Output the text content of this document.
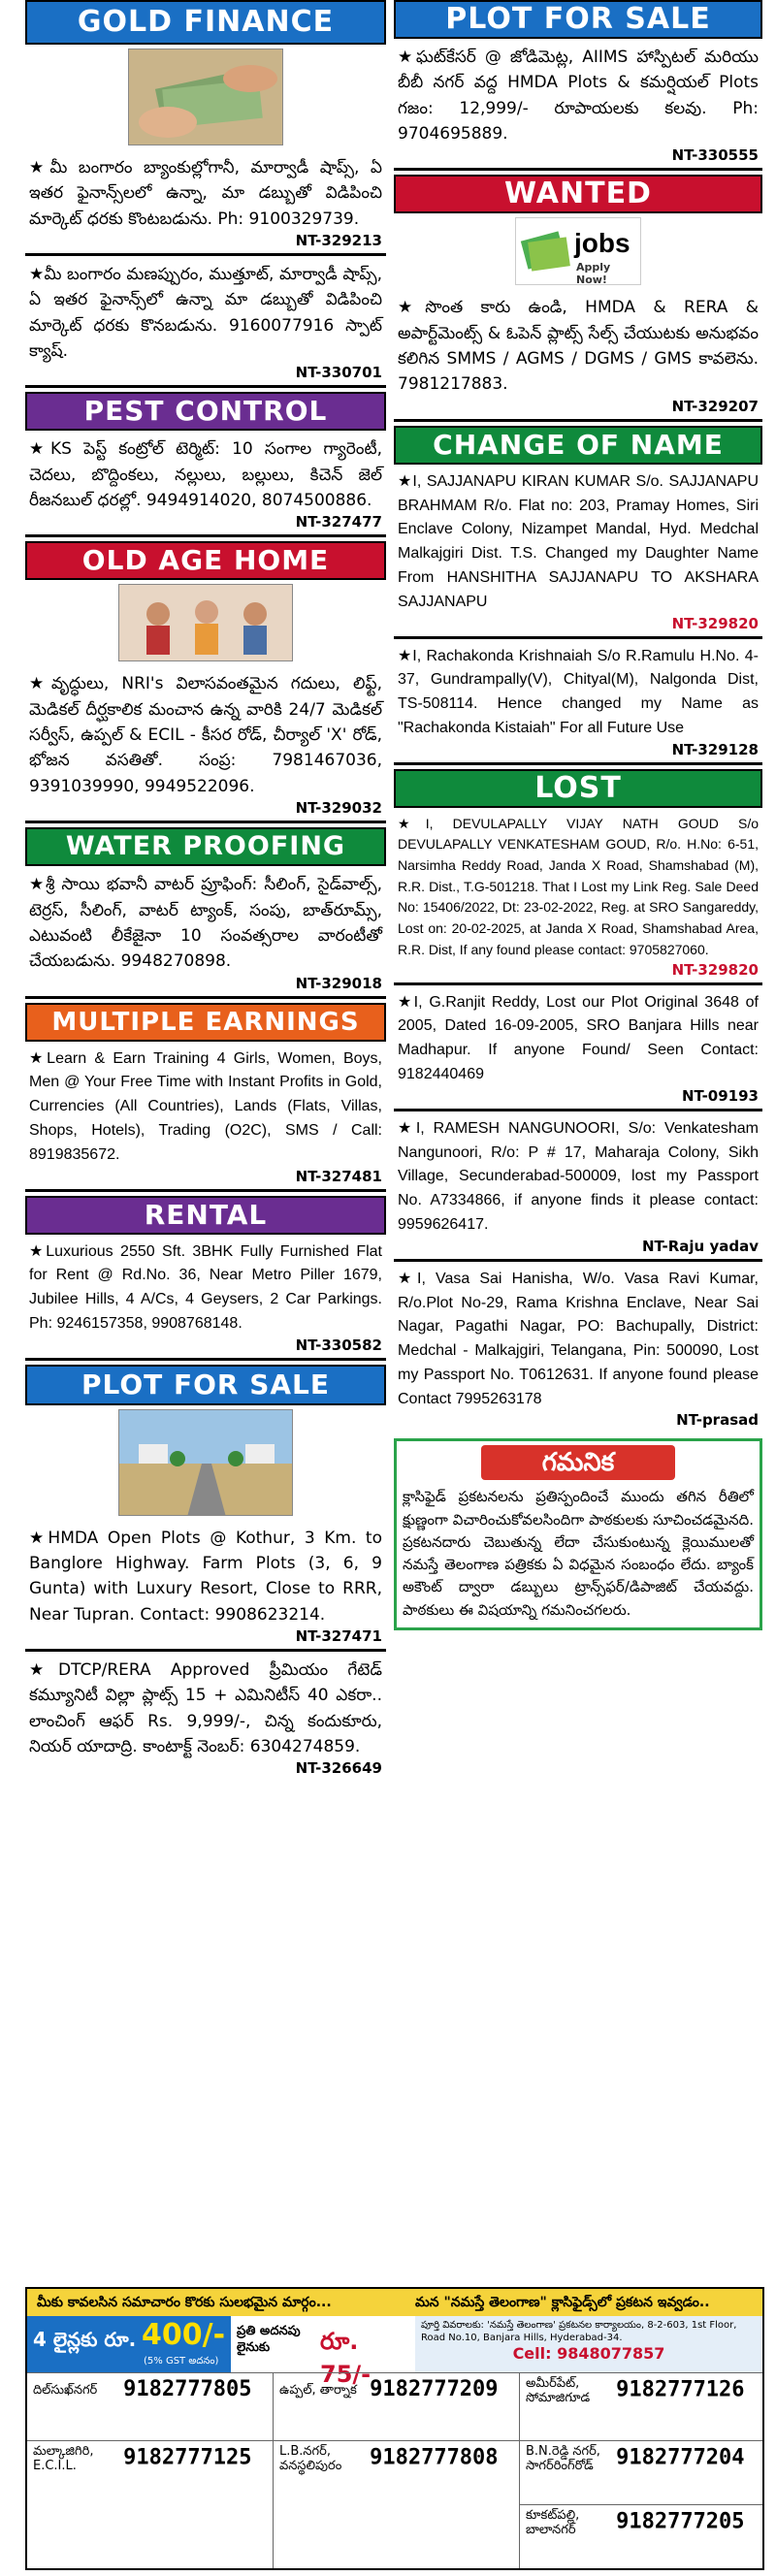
GOLD FINANCE
★మీ బంగారం బ్యాంకుల్లోగానీ, మార్వాడీ షాప్స్, ఏ ఇతర ఫైనాన్స్‌లలో ఉన్నా, మా డబ్బుతో విడిపించి మార్కెట్ ధరకు కొంటబడును. Ph: 9100329739.
NT-329213
★మీ బంగారం మణప్పురం, ముత్తూట్, మార్వాడీ షాప్స్, ఏ ఇతర ఫైనాన్స్‌లో ఉన్నా మా డబ్బుతో విడిపించి మార్కెట్ ధరకు కొనబడును. 9160077916 స్పాట్ క్యాష్.
NT-330701
PEST CONTROL
★KS పెస్ట్ కంట్రోల్ టెర్మిట్: 10 సంగాల గ్యారెంటీ, చెదలు, బొద్దింకలు, నల్లులు, బల్లులు, కిచెన్ జెల్ రీజనబుల్ ధరల్లో. 9494914020, 8074500886.
NT-327477
OLD AGE HOME
★వృద్ధులు, NRI's విలాసవంతమైన గదులు, లిఫ్ట్, మెడికల్ దీర్ఘకాలిక మంచాన ఉన్న వారికి 24/7 మెడికల్ సర్వీస్, ఉప్పల్ & ECIL - కీసర రోడ్, చీర్యాల్ 'X' రోడ్, భోజన వసతితో. సంప్ర: 7981467036, 9391039990, 9949522096.
NT-329032
WATER PROOFING
★శ్రీ సాయి భవానీ వాటర్ ప్రూఫింగ్: సీలింగ్, సైడ్‌వాల్స్, టెర్రస్, సీలింగ్, వాటర్ ట్యాంక్, సంపు, బాత్‌రూమ్స్, ఎటువంటి లీకేజైనా 10 సంవత్సరాల వారంటీతో చేయబడును. 9948270898.
NT-329018
MULTIPLE EARNINGS
★Learn & Earn Training 4 Girls, Women, Boys, Men @ Your Free Time with Instant Profits in Gold, Currencies (All Countries), Lands (Flats, Villas, Shops, Hotels), Trading (O2C), SMS / Call: 8919835672.
NT-327481
RENTAL
★Luxurious 2550 Sft. 3BHK Fully Furnished Flat for Rent @ Rd.No. 36, Near Metro Piller 1679, Jubilee Hills, 4 A/Cs, 4 Geysers, 2 Car Parkings. Ph: 9246157358, 9908768148.
NT-330582
PLOT FOR SALE
★HMDA Open Plots @ Kothur, 3 Km. to Banglore Highway. Farm Plots (3, 6, 9 Gunta) with Luxury Resort, Close to RRR, Near Tupran. Contact: 9908623214.
NT-327471
★DTCP/RERA Approved ప్రీమియం గేటెడ్ కమ్యూనిటీ విల్లా ప్లాట్స్ 15 + ఎమినిటీస్ 40 ఎకరా.. లాంచింగ్ ఆఫర్ Rs. 9,999/-, చిన్న కందుకూరు, నియర్ యాదాద్రి. కాంటాక్ట్ నెంబర్: 6304274859.
NT-326649
PLOT FOR SALE
★ఘట్‌కేసర్ @ జోడిమెట్ల, AIIMS హాస్పిటల్ మరియు బీబీ నగర్ వద్ద HMDA Plots & కమర్షియల్ Plots గజం: 12,999/- రూపాయలకు కలవు. Ph: 9704695889.
NT-330555
WANTED
jobs
Apply Now!
★సొంత కారు ఉండి, HMDA & RERA & అపార్ట్‌మెంట్స్ & ఓపెన్ ప్లాట్స్ సేల్స్ చేయుటకు అనుభవం కలిగిన SMMS / AGMS / DGMS / GMS కావలెను. 7981217883.
NT-329207
CHANGE OF NAME
★I, SAJJANAPU KIRAN KUMAR S/o. SAJJANAPU BRAHMAM R/o. Flat no: 203, Pramay Homes, Siri Enclave Colony, Nizampet Mandal, Hyd. Medchal Malkajgiri Dist. T.S. Changed my Daughter Name From HANSHITHA SAJJANAPU TO AKSHARA SAJJANAPU
NT-329820
★I, Rachakonda Krishnaiah S/o R.Ramulu H.No. 4-37, Gundrampally(V), Chityal(M), Nalgonda Dist, TS-508114. Hence changed my Name as "Rachakonda Kistaiah" For all Future Use
NT-329128
LOST
★I, DEVULAPALLY VIJAY NATH GOUD S/o DEVULAPALLY VENKATESHAM GOUD, R/o. H.No: 6-51, Narsimha Reddy Road, Janda X Road, Shamshabad (M), R.R. Dist., T.G-501218. That I Lost my Link Reg. Sale Deed No: 15406/2022, Dt: 23-02-2022, Reg. at SRO Sangareddy, Lost on: 20-02-2025, at Janda X Road, Shamshabad Area, R.R. Dist, If any found please contact: 9705827060.
NT-329820
★I, G.Ranjit Reddy, Lost our Plot Original 3648 of 2005, Dated 16-09-2005, SRO Banjara Hills near Madhapur. If anyone Found/ Seen Contact: 9182440469
NT-09193
★I, RAMESH NANGUNOORI, S/o: Venkatesham Nangunoori, R/o: P # 17, Maharaja Colony, Sikh Village, Secunderabad-500009, lost my Passport No. A7334866, if anyone finds it please contact: 9959626417.
NT-Raju yadav
★I, Vasa Sai Hanisha, W/o. Vasa Ravi Kumar, R/o.Plot No-29, Rama Krishna Enclave, Near Sai Nagar, Pagathi Nagar, PO: Bachupally, District: Medchal - Malkajgiri, Telangana, Pin: 500090, Lost my Passport No. T0612631. If anyone found please Contact 7995263178
NT-prasad
గమనిక
క్లాసిఫైడ్ ప్రకటనలను ప్రతిస్పందించే ముందు తగిన రీతిలో క్షుణ్ణంగా విచారించుకోవలసిందిగా పాఠకులకు సూచించడమైనది. ప్రకటనదారు చెబుతున్న లేదా చేసుకుంటున్న క్లెయిములతో నమస్తే తెలంగాణ పత్రికకు ఏ విధమైన సంబంధం లేదు. బ్యాంక్ అకౌంట్ ద్వారా డబ్బులు ట్రాన్స్‌ఫర్/డిపాజిట్ చేయవద్దు. పాఠకులు ఈ విషయాన్ని గమనించగలరు.
మీకు కావలసిన సమాచారం కొరకు సులభమైన మార్గం...	మన "నమస్తే తెలంగాణ" క్లాసిఫైడ్స్‌లో ప్రకటన ఇవ్వడం..
4 లైన్లకు రూ. 400/-
(5% GST అదనం)
ప్రతి అదనపు లైనుకు	రూ. 75/-
పూర్తి వివరాలకు: 'నమస్తే తెలంగాణ' ప్రకటనల కార్యాలయం, 8-2-603, 1st Floor, Road No.10, Banjara Hills, Hyderabad-34.
Cell: 9848077857
దిల్‌సుఖ్‌నగర్ 9182777805	ఉప్పల్, తార్నాక 9182777209	అమీర్‌పేట్, సోమాజిగూడ 9182777126
మల్కాజిగిరి, E.C.I.L. 9182777125	L.B.నగర్, వనస్థలిపురం 9182777808	B.N.రెడ్డి నగర్, సాగర్‌రింగ్‌రోడ్ 9182777204
కూకట్‌పల్లి, బాలానగర్ 9182777205
